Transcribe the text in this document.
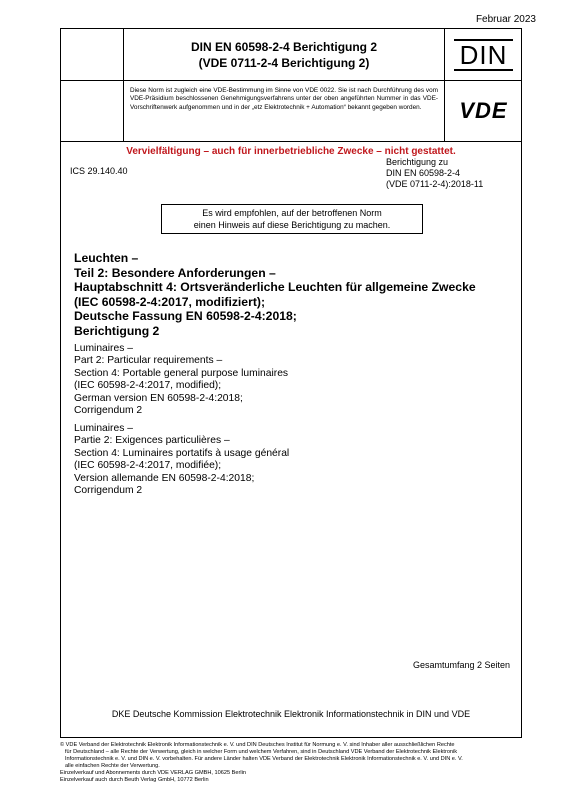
Februar 2023
DIN EN 60598-2-4 Berichtigung 2
(VDE 0711-2-4 Berichtigung 2)	DIN
Diese Norm ist zugleich eine VDE-Bestimmung im Sinne von VDE 0022. Sie ist nach Durchführung des vom VDE-Präsidium beschlossenen Genehmigungsverfahrens unter der oben angeführten Nummer in das VDE-Vorschriftenwerk aufgenommen und in der „etz Elektrotechnik + Automation“ bekannt gegeben worden.	VDE
Vervielfältigung – auch für innerbetriebliche Zwecke – nicht gestattet.
ICS 29.140.40
Berichtigung zu
DIN EN 60598-2-4
(VDE 0711-2-4):2018-11
Es wird empfohlen, auf der betroffenen Norm
einen Hinweis auf diese Berichtigung zu machen.
Leuchten –
Teil 2: Besondere Anforderungen –
Hauptabschnitt 4: Ortsveränderliche Leuchten für allgemeine Zwecke
(IEC 60598-2-4:2017, modifiziert);
Deutsche Fassung EN 60598-2-4:2018;
Berichtigung 2
Luminaires –
Part 2: Particular requirements –
Section 4: Portable general purpose luminaires
(IEC 60598-2-4:2017, modified);
German version EN 60598-2-4:2018;
Corrigendum 2
Luminaires –
Partie 2: Exigences particulières –
Section 4: Luminaires portatifs à usage général
(IEC 60598-2-4:2017, modifiée);
Version allemande EN 60598-2-4:2018;
Corrigendum 2
Gesamtumfang 2 Seiten
DKE Deutsche Kommission Elektrotechnik Elektronik Informationstechnik in DIN und VDE
© VDE Verband der Elektrotechnik Elektronik Informationstechnik e. V. und DIN Deutsches Institut für Normung e. V. sind Inhaber aller ausschließlichen Rechte
für Deutschland – alle Rechte der Verwertung, gleich in welcher Form und welchem Verfahren, sind in Deutschland VDE Verband der Elektrotechnik Elektronik
Informationstechnik e. V. und DIN e. V. vorbehalten. Für andere Länder halten VDE Verband der Elektrotechnik Elektronik Informationstechnik e. V. und DIN e. V.
alle einfachen Rechte der Verwertung.
Einzelverkauf und Abonnements durch VDE VERLAG GMBH, 10625 Berlin
Einzelverkauf auch durch Beuth Verlag GmbH, 10772 Berlin
